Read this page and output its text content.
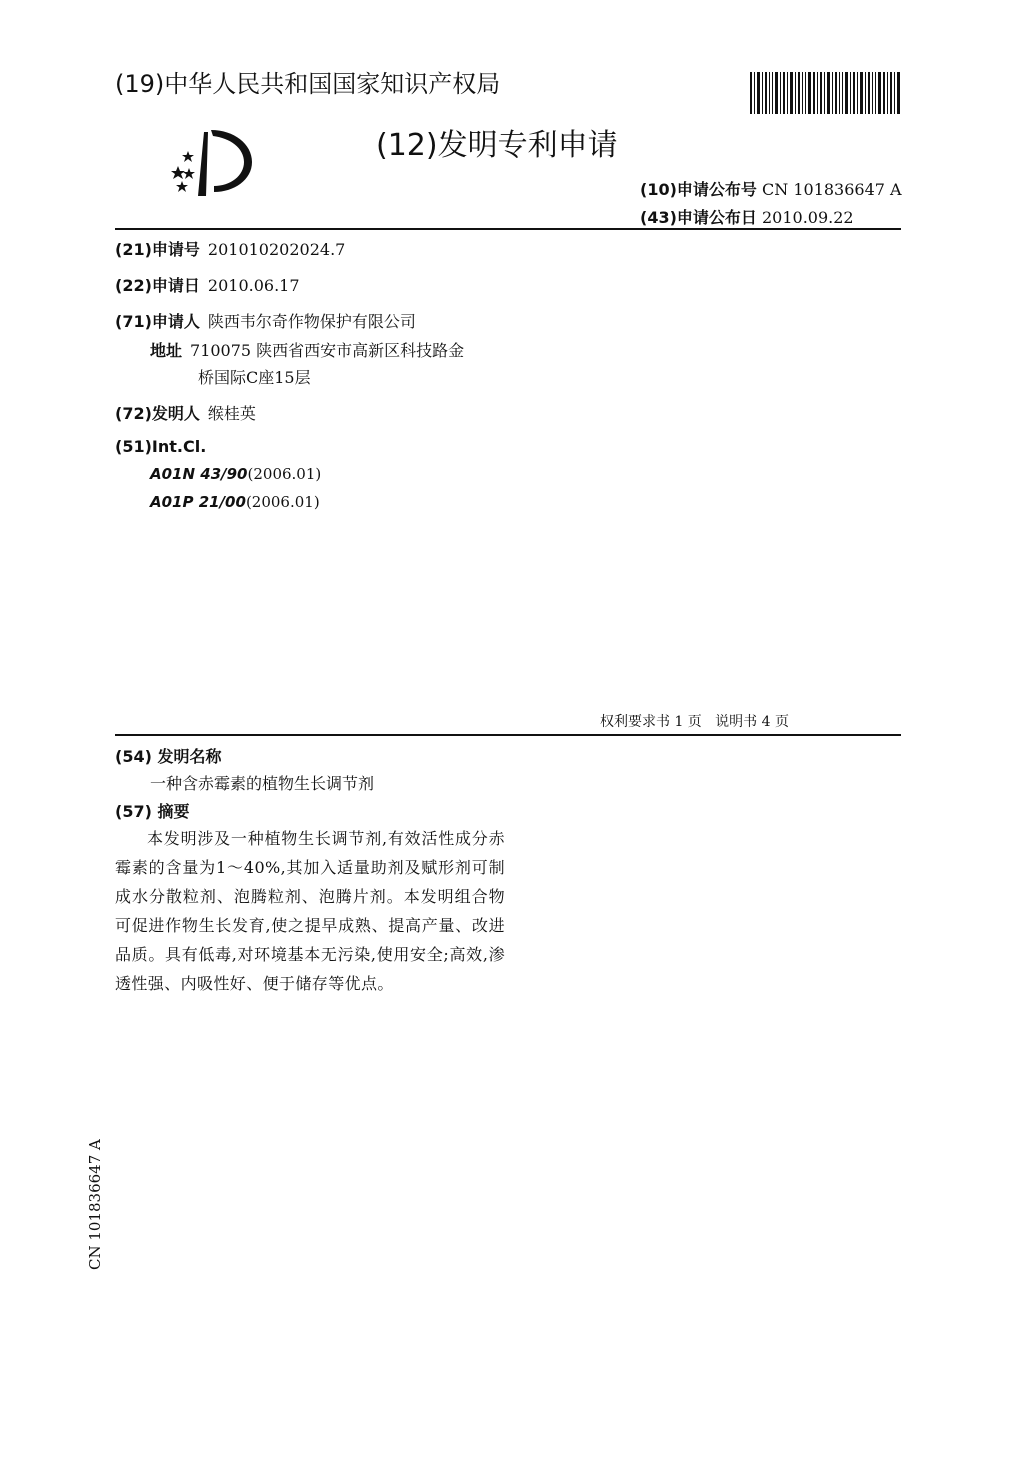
(19)中华人民共和国国家知识产权局
(12)发明专利申请
(10)申请公布号 CN 101836647 A
(43)申请公布日 2010.09.22
(21)申请号 201010202024.7
(22)申请日 2010.06.17
(71)申请人 陕西韦尔奇作物保护有限公司
地址 710075 陕西省西安市高新区科技路金
桥国际C座15层
(72)发明人 缑桂英
(51)Int.Cl.
A01N 43/90(2006.01)
A01P 21/00(2006.01)
权利要求书 1 页   说明书 4 页
(54) 发明名称
一种含赤霉素的植物生长调节剂
(57) 摘要
本发明涉及一种植物生长调节剂,有效活性成分赤霉素的含量为1～40%,其加入适量助剂及赋形剂可制成水分散粒剂、泡腾粒剂、泡腾片剂。本发明组合物可促进作物生长发育,使之提早成熟、提高产量、改进品质。具有低毒,对环境基本无污染,使用安全;高效,渗透性强、内吸性好、便于储存等优点。
CN 101836647 A
